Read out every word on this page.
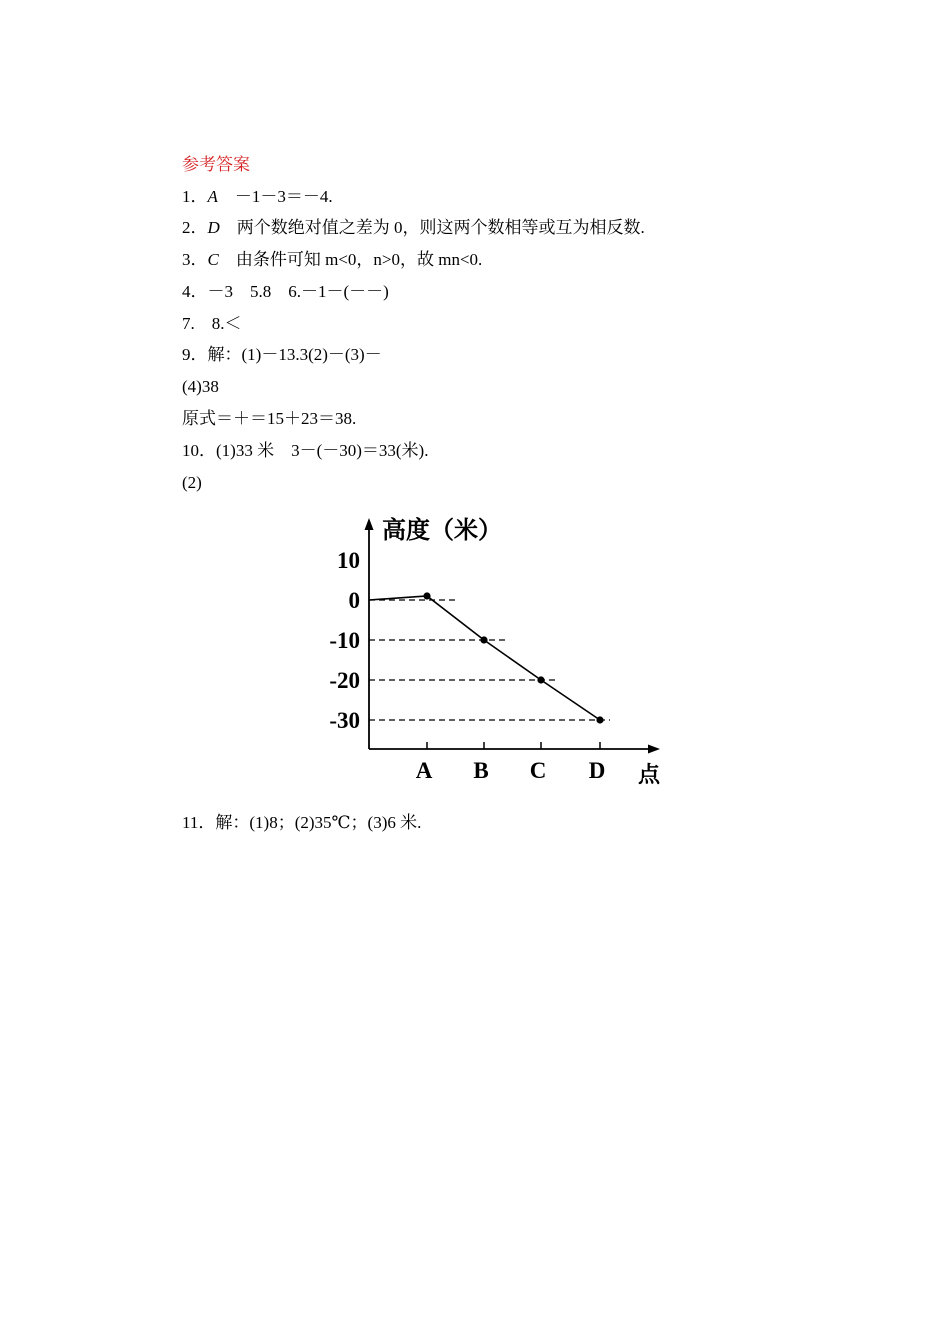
参考答案
1．A　－1－3＝－4.
2．D　两个数绝对值之差为 0，则这两个数相等或互为相反数.
3．C　由条件可知 m<0，n>0，故 mn<0.
4．－3　5.8　6.－1－(－－)
7.　8.＜
9．解：(1)－13.3(2)－(3)－
(4)38
原式＝＋＝15＋23＝38.
10．(1)33 米　3－(－30)＝33(米).
(2)
高度（米）
点
10
0
-10
-20
-30
A B C D
11．解：(1)8；(2)35℃；(3)6 米.
